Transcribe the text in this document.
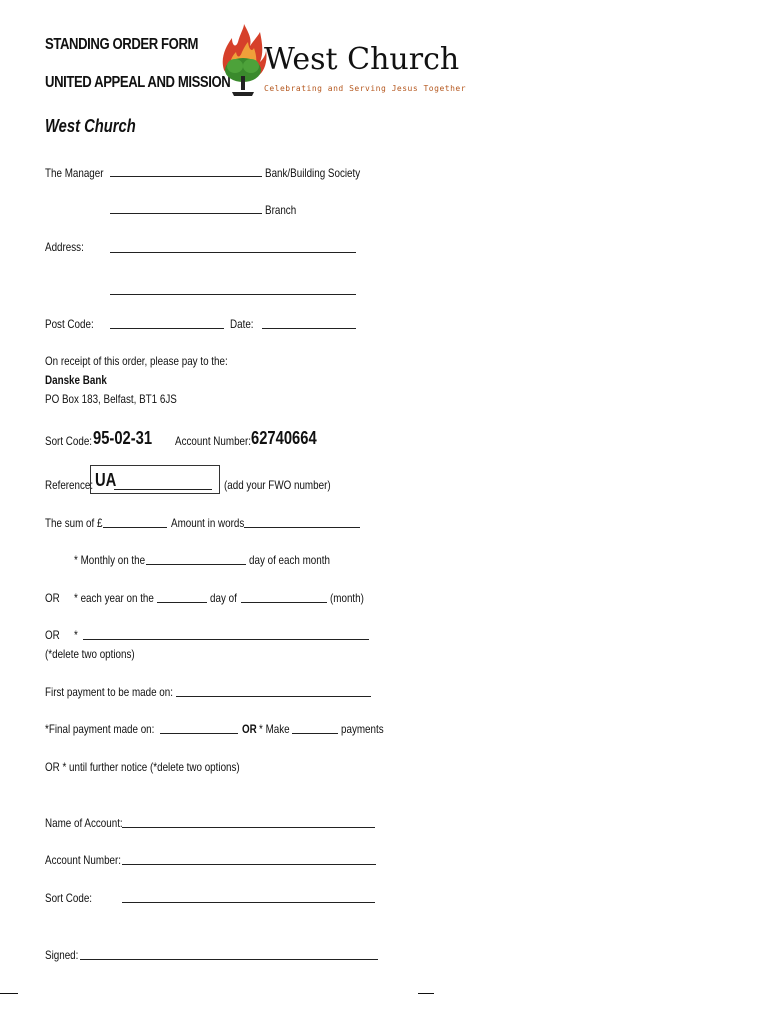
STANDING ORDER FORM
UNITED APPEAL AND MISSION
West Church
West Church
Celebrating and Serving Jesus Together
The Manager	Bank/Building Society
Branch
Address:
Post Code:	Date:
On receipt of this order, please pay to the:
Danske Bank
PO Box 183, Belfast, BT1 6JS
Sort Code: 95-02-31	Account Number: 62740664
Reference: UA	(add your FWO number)
The sum of £	Amount in words
* Monthly on the	day of each month
OR * each year on the	day of	(month)
OR *
(*delete two options)
First payment to be made on:
*Final payment made on:	OR * Make	payments
OR * until further notice (*delete two options)
Name of Account:
Account Number:
Sort Code:
Signed:
